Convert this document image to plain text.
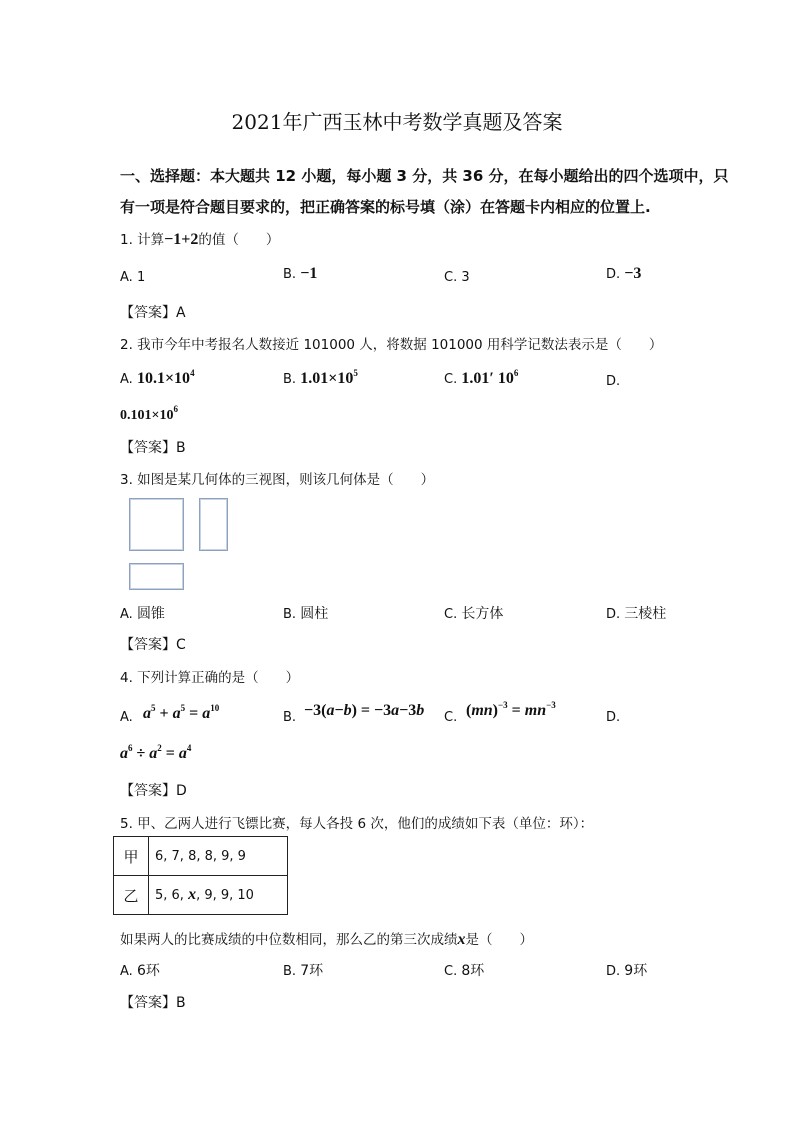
2021年广西玉林中考数学真题及答案
一、选择题：本大题共 12 小题，每小题 3 分，共 36 分，在每小题给出的四个选项中，只
有一项是符合题目要求的，把正确答案的标号填（涂）在答题卡内相应的位置上.
1. 计算−1+2的值（　　）
A. 1	B. −1	C. 3	D. −3
【答案】A
2. 我市今年中考报名人数接近 101000 人，将数据 101000 用科学记数法表示是（　　）
A. $10.1\times 10^4$	B. $1.01\times 10^5$	C. 1.01′ $10^6$
D.
$0.101\times 10^6$
【答案】B
3. 如图是某几何体的三视图，则该几何体是（　　）
A. 圆锥	B. 圆柱	C. 长方体	D. 三棱柱
【答案】C
4. 下列计算正确的是（　　）
A. $a^5 + a^5 = a^{10}$
B. −3(a−b) = −3a−3b C. $(mn)^{-3} = mn^{-3}$
D.
$a^6 \div a^2 = a^4$
【答案】D
5. 甲、乙两人进行飞镖比赛，每人各投 6 次，他们的成绩如下表（单位：环）：
甲	6, 7, 8, 8, 9, 9
乙	5, 6, x, 9, 9, 10
如果两人的比赛成绩的中位数相同，那么乙的第三次成绩x是（　　）
A. 6环	B. 7环	C. 8环	D. 9环
【答案】B
